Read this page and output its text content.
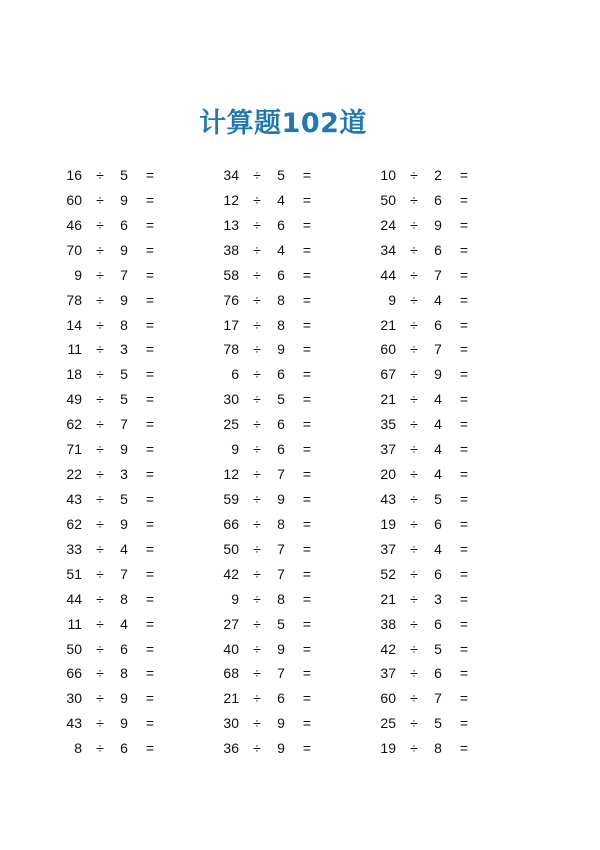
计算题102道
16 ÷ 5 =
60 ÷ 9 =
46 ÷ 6 =
70 ÷ 9 =
9 ÷ 7 =
78 ÷ 9 =
14 ÷ 8 =
11 ÷ 3 =
18 ÷ 5 =
49 ÷ 5 =
62 ÷ 7 =
71 ÷ 9 =
22 ÷ 3 =
43 ÷ 5 =
62 ÷ 9 =
33 ÷ 4 =
51 ÷ 7 =
44 ÷ 8 =
11 ÷ 4 =
50 ÷ 6 =
66 ÷ 8 =
30 ÷ 9 =
43 ÷ 9 =
8 ÷ 6 =
34 ÷ 5 =
12 ÷ 4 =
13 ÷ 6 =
38 ÷ 4 =
58 ÷ 6 =
76 ÷ 8 =
17 ÷ 8 =
78 ÷ 9 =
6 ÷ 6 =
30 ÷ 5 =
25 ÷ 6 =
9 ÷ 6 =
12 ÷ 7 =
59 ÷ 9 =
66 ÷ 8 =
50 ÷ 7 =
42 ÷ 7 =
9 ÷ 8 =
27 ÷ 5 =
40 ÷ 9 =
68 ÷ 7 =
21 ÷ 6 =
30 ÷ 9 =
36 ÷ 9 =
10 ÷ 2 =
50 ÷ 6 =
24 ÷ 9 =
34 ÷ 6 =
44 ÷ 7 =
9 ÷ 4 =
21 ÷ 6 =
60 ÷ 7 =
67 ÷ 9 =
21 ÷ 4 =
35 ÷ 4 =
37 ÷ 4 =
20 ÷ 4 =
43 ÷ 5 =
19 ÷ 6 =
37 ÷ 4 =
52 ÷ 6 =
21 ÷ 3 =
38 ÷ 6 =
42 ÷ 5 =
37 ÷ 6 =
60 ÷ 7 =
25 ÷ 5 =
19 ÷ 8 =
